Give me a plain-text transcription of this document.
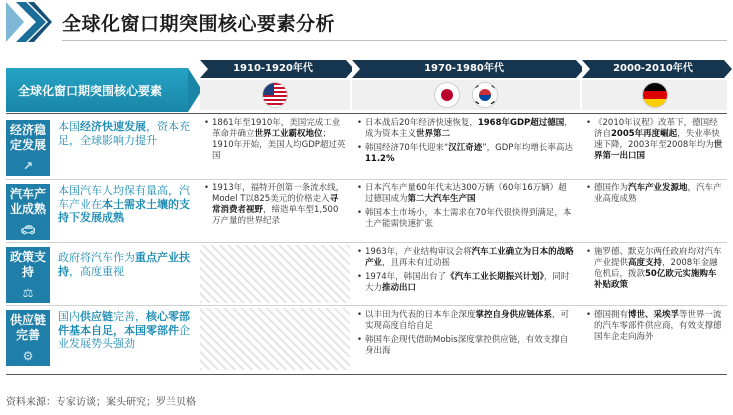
全球化窗口期突围核心要素分析
全球化窗口期突围核心要素
1910-1920年代	1970-1980年代	2000-2010年代
经济稳定发展
↗
本国经济快速发展，资本充足，全球影响力提升
• 1861年至1910年，美国完成工业革命并确立世界工业霸权地位；1910年开始，美国人均GDP超过英国
• 日本战后20年经济快速恢复，1968年GDP超过德国，成为资本主义世界第二
• 韩国经济70年代迎来“汉江奇迹”，GDP年均增长率高达11.2%
• 《2010年议程》改革下，德国经济自2005年再度崛起，失业率快速下降，2003年至2008年均为世界第一出口国
汽车产业成熟
🚗︎
本国汽车人均保有量高，汽车产业在本土需求土壤的支持下发展成熟
• 1913年，福特开创第一条流水线，Model T以825美元的价格走入寻常消费者视野，缔造单车型1,500万产量的世界纪录
• 日本汽车产量60年代末达300万辆（60年16万辆）超过德国成为第二大汽车生产国
• 韩国本土市场小，本土需求在70年代很快得到满足，本土产能需快速扩张
• 德国作为汽车产业发源地，汽车产业高度成熟
政策支持
⚖
政府将汽车作为重点产业扶持，高度重视
• 1963年，产业结构审议会将汽车工业确立为日本的战略产业，且再未有过动摇
• 1974年，韩国出台了《汽车工业长期振兴计划》，同时大力推动出口
• 施罗德、默克尔两任政府均对汽车产业提供高度支持，2008年金融危机后，拨款50亿欧元实施购车补贴政策
供应链完善
⚙
国内供应链完善，核心零部件基本自足，本国零部件企业发展势头强劲
• 以丰田为代表的日本车企深度掌控自身供应链体系，可实现高度自给自足
• 韩国车企现代借助Mobis深度掌控供应链，有效支撑自身出海
• 德国拥有博世、采埃孚等世界一流的汽车零部件供应商，有效支撑德国车企走向海外
资料来源：专家访谈；案头研究；罗兰贝格
